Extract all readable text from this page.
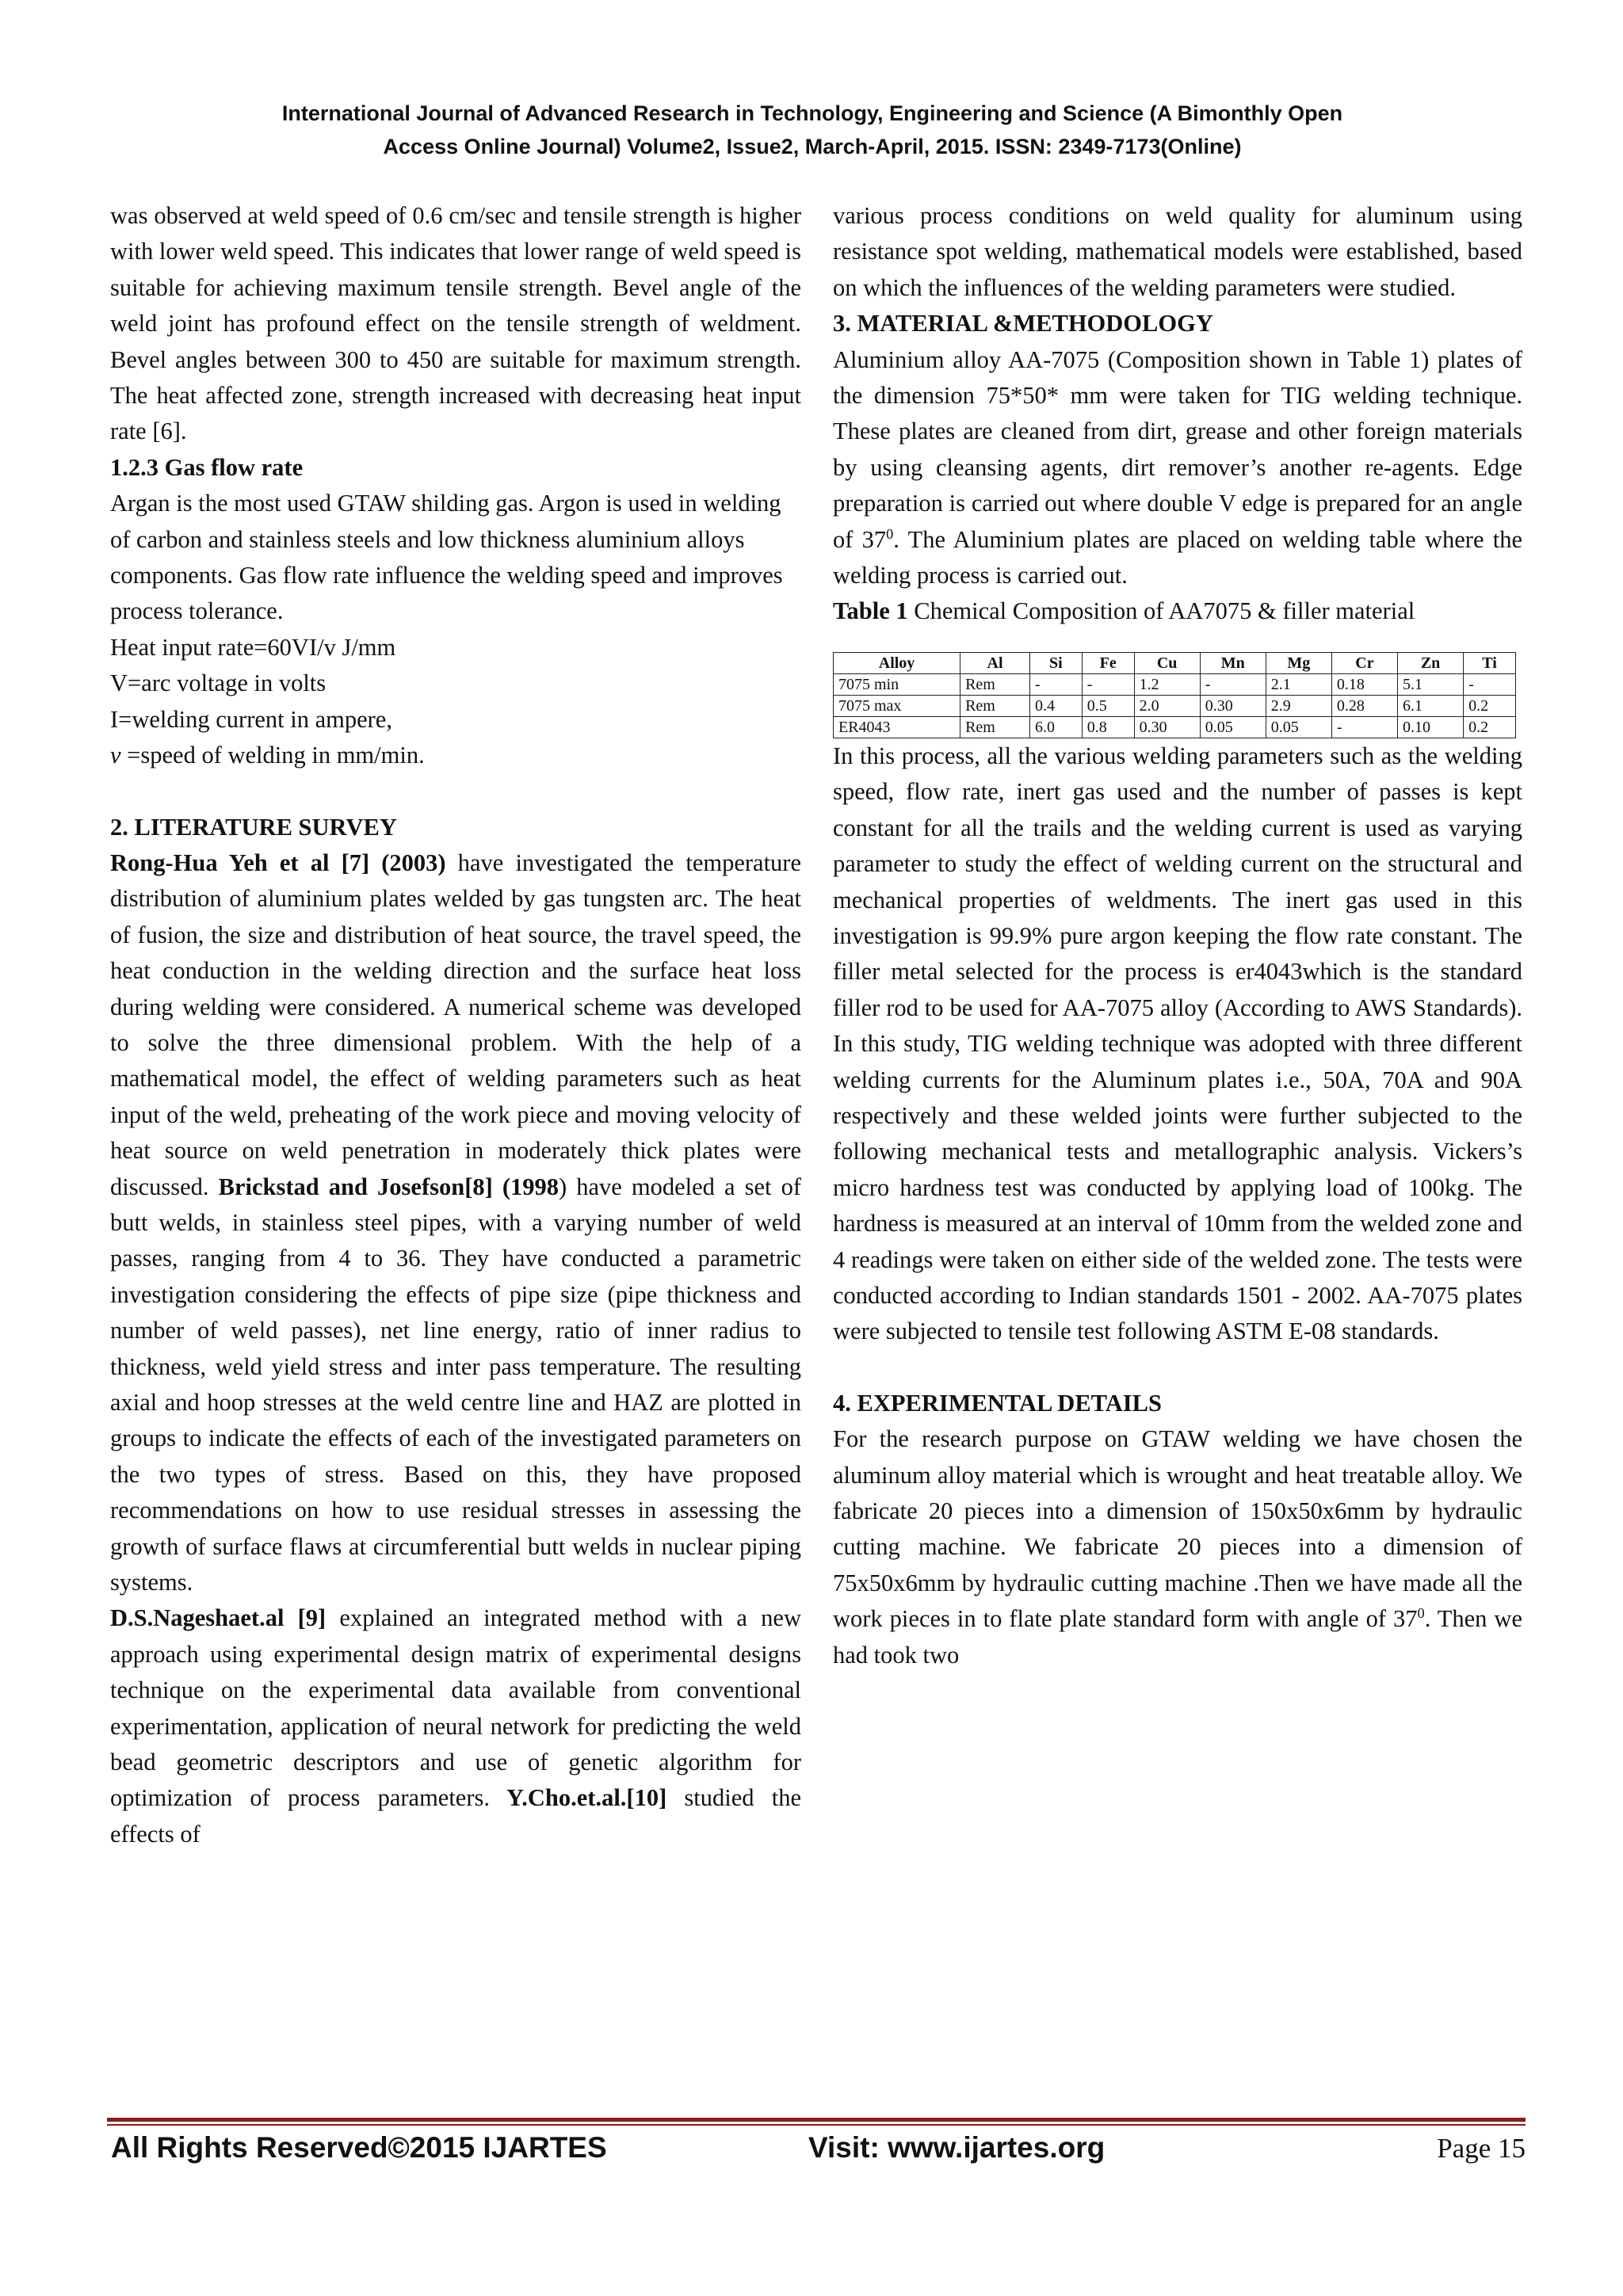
International Journal of Advanced Research in Technology, Engineering and Science (A Bimonthly Open
Access Online Journal) Volume2, Issue2, March-April, 2015. ISSN: 2349-7173(Online)

was observed at weld speed of 0.6 cm/sec and tensile strength is higher with lower weld speed. This indicates that lower range of weld speed is suitable for achieving maximum tensile strength. Bevel angle of the weld joint has profound effect on the tensile strength of weldment. Bevel angles between 300 to 450 are suitable for maximum strength. The heat affected zone, strength increased with decreasing heat input rate [6].

1.2.3 Gas flow rate

Argan is the most used GTAW shilding gas. Argon is used in welding of carbon and stainless steels and low thickness aluminium alloys components. Gas flow rate influence the welding speed and improves process tolerance.

Heat input rate=60VI/v J/mm

V=arc voltage in volts

I=welding current in ampere,

v =speed of welding in mm/min.

2. LITERATURE SURVEY

Rong-Hua Yeh et al [7] (2003) have investigated the temperature distribution of aluminium plates welded by gas tungsten arc. The heat of fusion, the size and distribution of heat source, the travel speed, the heat conduction in the welding direction and the surface heat loss during welding were considered. A numerical scheme was developed to solve the three dimensional problem. With the help of a mathematical model, the effect of welding parameters such as heat input of the weld, preheating of the work piece and moving velocity of heat source on weld penetration in moderately thick plates were discussed. Brickstad and Josefson[8] (1998) have modeled a set of butt welds, in stainless steel pipes, with a varying number of weld passes, ranging from 4 to 36. They have conducted a parametric investigation considering the effects of pipe size (pipe thickness and number of weld passes), net line energy, ratio of inner radius to thickness, weld yield stress and inter pass temperature. The resulting axial and hoop stresses at the weld centre line and HAZ are plotted in groups to indicate the effects of each of the investigated parameters on the two types of stress. Based on this, they have proposed recommendations on how to use residual stresses in assessing the growth of surface flaws at circumferential butt welds in nuclear piping systems.

D.S.Nageshaet.al [9] explained an integrated method with a new approach using experimental design matrix of experimental designs technique on the experimental data available from conventional experimentation, application of neural network for predicting the weld bead geometric descriptors and use of genetic algorithm for optimization of process parameters. Y.Cho.et.al.[10] studied the effects of

various process conditions on weld quality for aluminum using resistance spot welding, mathematical models were established, based on which the influences of the welding parameters were studied.

3. MATERIAL &METHODOLOGY

Aluminium alloy AA-7075 (Composition shown in Table 1) plates of the dimension 75*50* mm were taken for TIG welding technique. These plates are cleaned from dirt, grease and other foreign materials by using cleansing agents, dirt remover’s another re-agents. Edge preparation is carried out where double V edge is prepared for an angle of $37^0$. The Aluminium plates are placed on welding table where the welding process is carried out.

Table 1 Chemical Composition of AA7075 & filler material

Alloy	Al	Si	Fe	Cu	Mn	Mg	Cr	Zn	Ti
7075 min	Rem	-	-	1.2	-	2.1	0.18	5.1	-
7075 max	Rem	0.4	0.5	2.0	0.30	2.9	0.28	6.1	0.2
ER4043	Rem	6.0	0.8	0.30	0.05	0.05	-	0.10	0.2

In this process, all the various welding parameters such as the welding speed, flow rate, inert gas used and the number of passes is kept constant for all the trails and the welding current is used as varying parameter to study the effect of welding current on the structural and mechanical properties of weldments. The inert gas used in this investigation is 99.9% pure argon keeping the flow rate constant. The filler metal selected for the process is er4043which is the standard filler rod to be used for AA-7075 alloy (According to AWS Standards). In this study, TIG welding technique was adopted with three different welding currents for the Aluminum plates i.e., 50A, 70A and 90A respectively and these welded joints were further subjected to the following mechanical tests and metallographic analysis. Vickers’s micro hardness test was conducted by applying load of 100kg. The hardness is measured at an interval of 10mm from the welded zone and 4 readings were taken on either side of the welded zone. The tests were conducted according to Indian standards 1501 - 2002. AA-7075 plates were subjected to tensile test following ASTM E-08 standards.

4. EXPERIMENTAL DETAILS

For the research purpose on GTAW welding we have chosen the aluminum alloy material which is wrought and heat treatable alloy. We fabricate 20 pieces into a dimension of 150x50x6mm by hydraulic cutting machine. We fabricate 20 pieces into a dimension of 75x50x6mm by hydraulic cutting machine .Then we have made all the work pieces in to flate plate standard form with angle of $37^0$. Then we had took two

All Rights Reserved©2015 IJARTES	Visit: www.ijartes.org	Page 15
